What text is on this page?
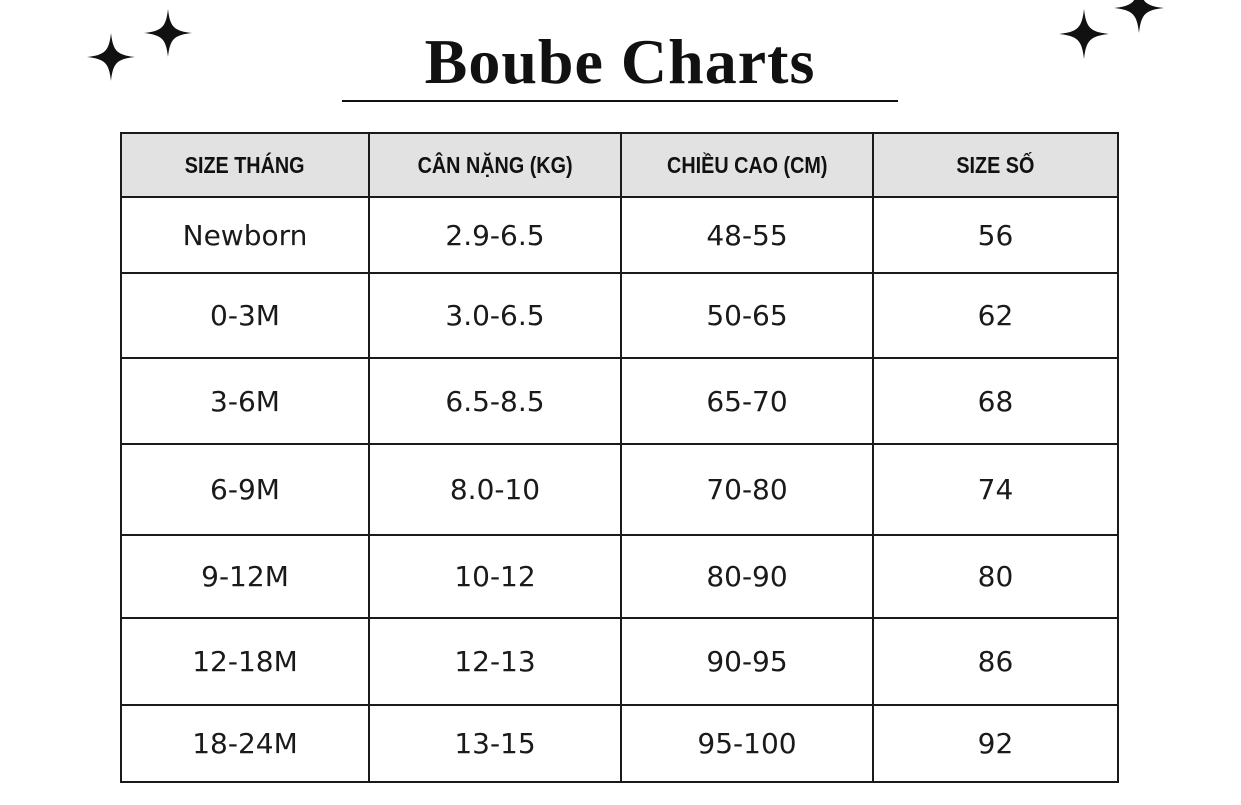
Boube Charts
SIZE THÁNG	CÂN NẶNG (KG)	CHIỀU CAO (CM)	SIZE SỐ
Newborn	2.9-6.5	48-55	56
0-3M	3.0-6.5	50-65	62
3-6M	6.5-8.5	65-70	68
6-9M	8.0-10	70-80	74
9-12M	10-12	80-90	80
12-18M	12-13	90-95	86
18-24M	13-15	95-100	92
